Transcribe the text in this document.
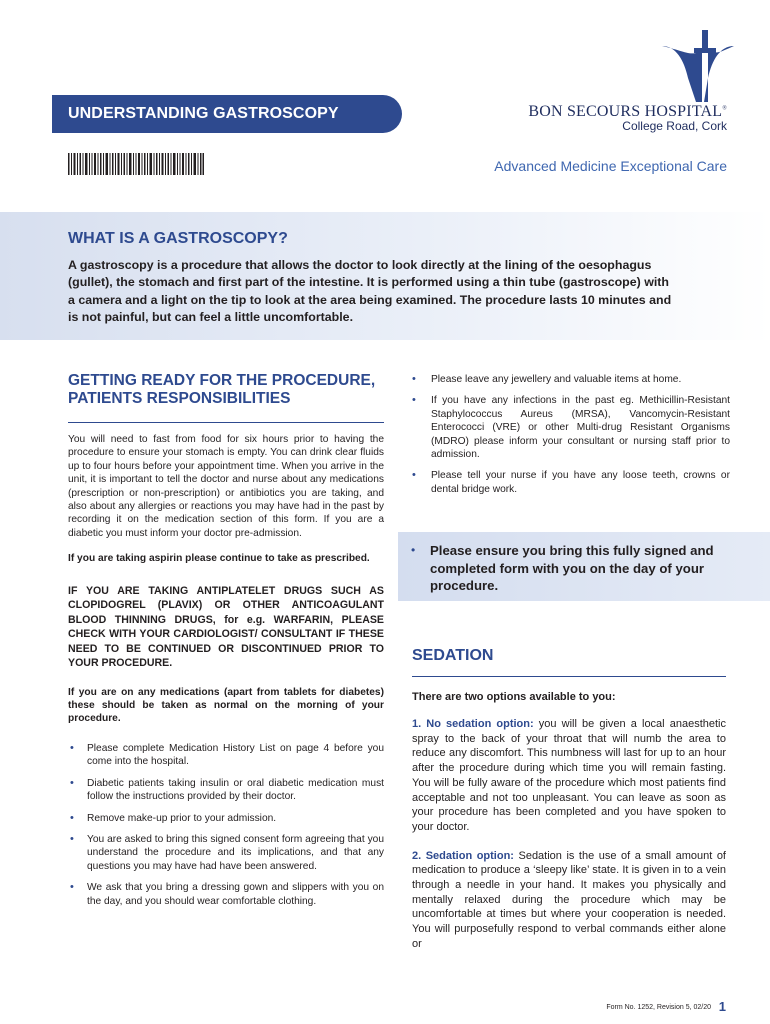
UNDERSTANDING GASTROSCOPY	BON SECOURS HOSPITAL®
College Road, Cork
Advanced Medicine Exceptional Care
WHAT IS A GASTROSCOPY?
A gastroscopy is a procedure that allows the doctor to look directly at the lining of the oesophagus (gullet), the stomach and first part of the intestine. It is performed using a thin tube (gastroscope) with a camera and a light on the tip to look at the area being examined. The procedure lasts 10 minutes and is not painful, but can feel a little uncomfortable.
GETTING READY FOR THE PROCEDURE, PATIENTS RESPONSIBILITIES

You will need to fast from food for six hours prior to having the procedure to ensure your stomach is empty. You can drink clear fluids up to four hours before your appointment time. When you arrive in the unit, it is important to tell the doctor and nurse about any medications (prescription or non-prescription) or antibiotics you are taking, and also about any allergies or reactions you may have had in the past by recording it on the medication section of this form. If you are a diabetic you must inform your doctor pre-admission.

If you are taking aspirin please continue to take as prescribed.

IF YOU ARE TAKING ANTIPLATELET DRUGS SUCH AS CLOPIDOGREL (PLAVIX) OR OTHER ANTICOAGULANT BLOOD THINNING DRUGS, for e.g. WARFARIN, PLEASE CHECK WITH YOUR CARDIOLOGIST/ CONSULTANT IF THESE NEED TO BE CONTINUED OR DISCONTINUED PRIOR TO YOUR PROCEDURE.

If you are on any medications (apart from tablets for diabetes) these should be taken as normal on the morning of your procedure.

• Please complete Medication History List on page 4 before you come into the hospital.
• Diabetic patients taking insulin or oral diabetic medication must follow the instructions provided by their doctor.
• Remove make-up prior to your admission.
• You are asked to bring this signed consent form agreeing that you understand the procedure and its implications, and that any questions you may have had have been answered.
• We ask that you bring a dressing gown and slippers with you on the day, and you should wear comfortable clothing.
• Please leave any jewellery and valuable items at home.
• If you have any infections in the past eg. Methicillin-Resistant Staphylococcus Aureus (MRSA), Vancomycin-Resistant Enterococci (VRE) or other Multi-drug Resistant Organisms (MDRO) please inform your consultant or nursing staff prior to admission.
• Please tell your nurse if you have any loose teeth, crowns or dental bridge work.
• Please ensure you bring this fully signed and completed form with you on the day of your procedure.
SEDATION

There are two options available to you:

1. No sedation option: you will be given a local anaesthetic spray to the back of your throat that will numb the area to reduce any discomfort. This numbness will last for up to an hour after the procedure during which time you will remain fasting. You will be fully aware of the procedure which most patients find acceptable and not too unpleasant. You can leave as soon as your procedure has been completed and you have spoken to your doctor.

2. Sedation option: Sedation is the use of a small amount of medication to produce a ‘sleepy like’ state. It is given in to a vein through a needle in your hand. It makes you physically and mentally relaxed during the procedure which may be uncomfortable at times but where your cooperation is needed. You will purposefully respond to verbal commands either alone or

Form No. 1252, Revision 5, 02/20 1
